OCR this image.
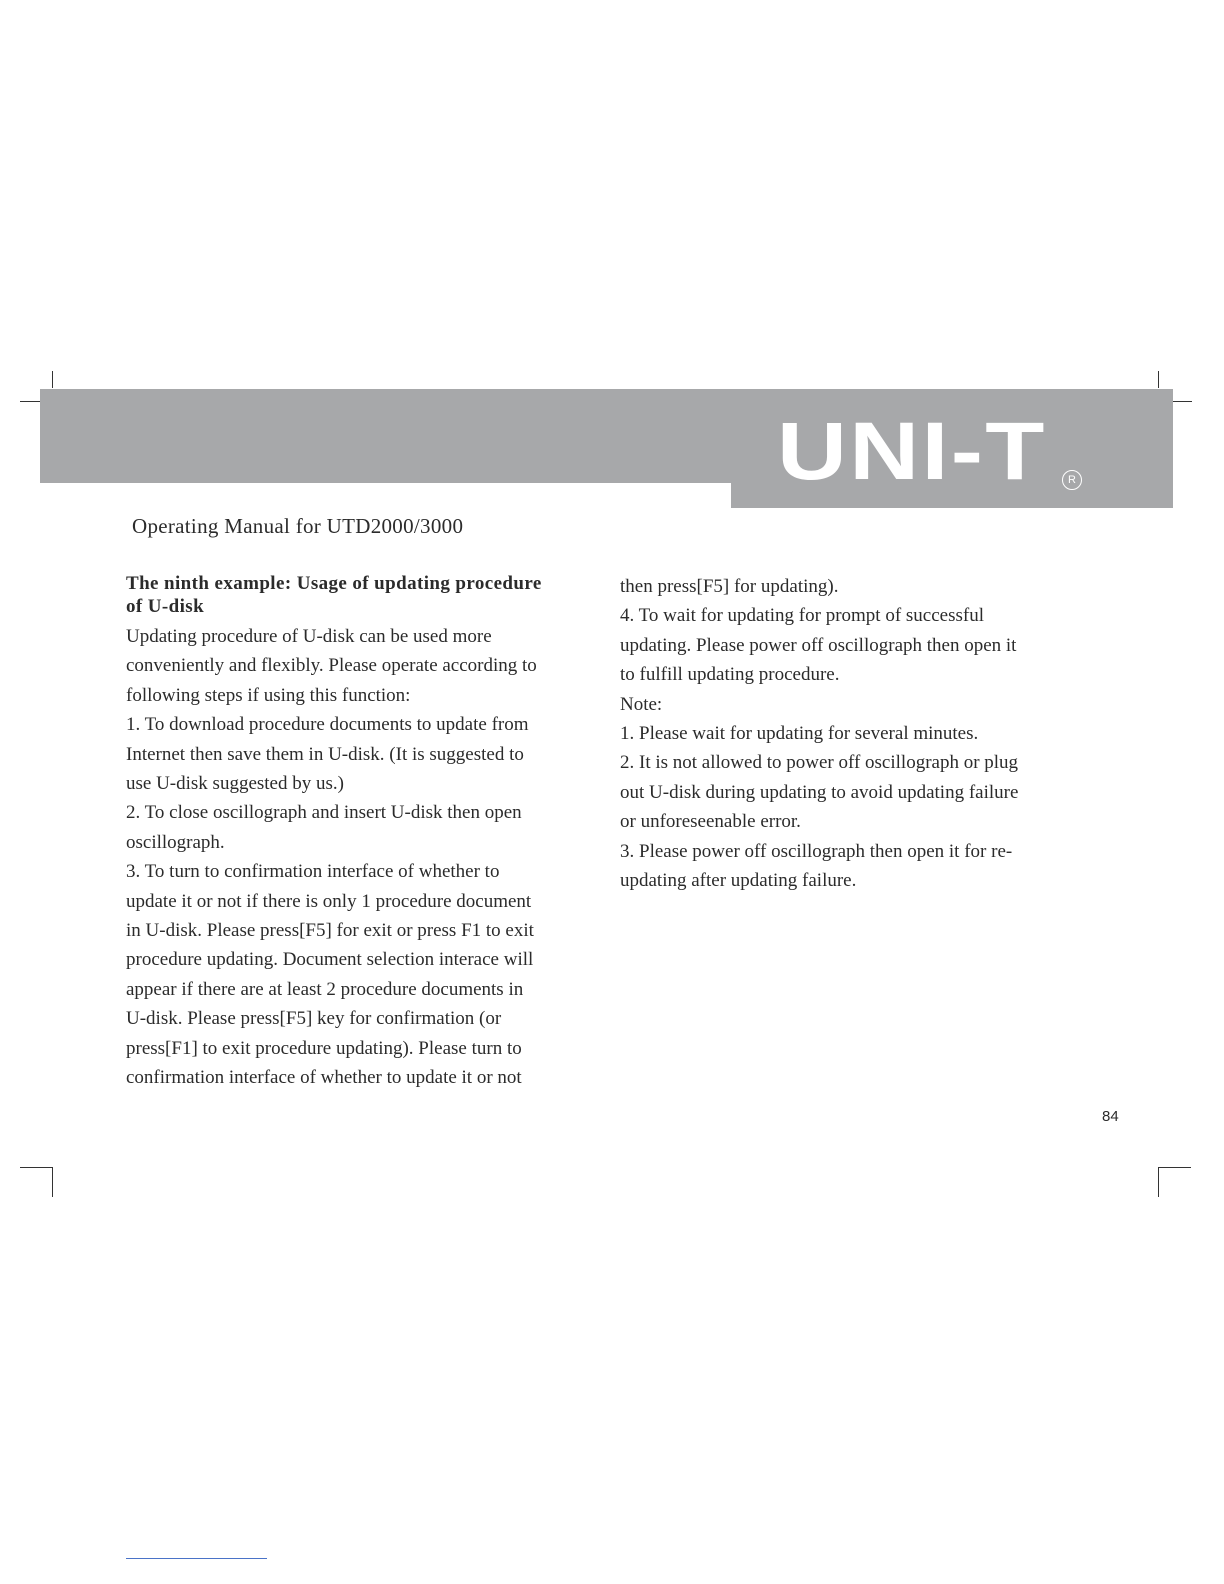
UNI-T	R
Operating Manual for UTD2000/3000

The ninth example: Usage of updating procedure
of U-disk

Updating procedure of U-disk can be used more

conveniently and flexibly. Please operate according to

following steps if using this function:

1. To download procedure documents to update from

Internet then save them in U-disk. (It is suggested to

use U-disk suggested by us.)

2. To close oscillograph and insert U-disk then open

oscillograph.

3. To turn to confirmation interface of whether to

update it or not if there is only 1 procedure document

in U-disk. Please press[F5] for exit or press F1 to exit

procedure updating. Document selection interace will

appear if there are at least 2 procedure documents in

U-disk. Please press[F5] key for confirmation (or

press[F1] to exit procedure updating). Please turn to

confirmation interface of whether to update it or not

then press[F5] for updating).

4. To wait for updating for prompt of successful

updating. Please power off oscillograph then open it

to fulfill updating procedure.

Note:

1. Please wait for updating for several minutes.

2. It is not allowed to power off oscillograph or plug

out U-disk during updating to avoid updating failure

or unforeseenable error.

3. Please power off oscillograph then open it for re-

updating after updating failure.

84
